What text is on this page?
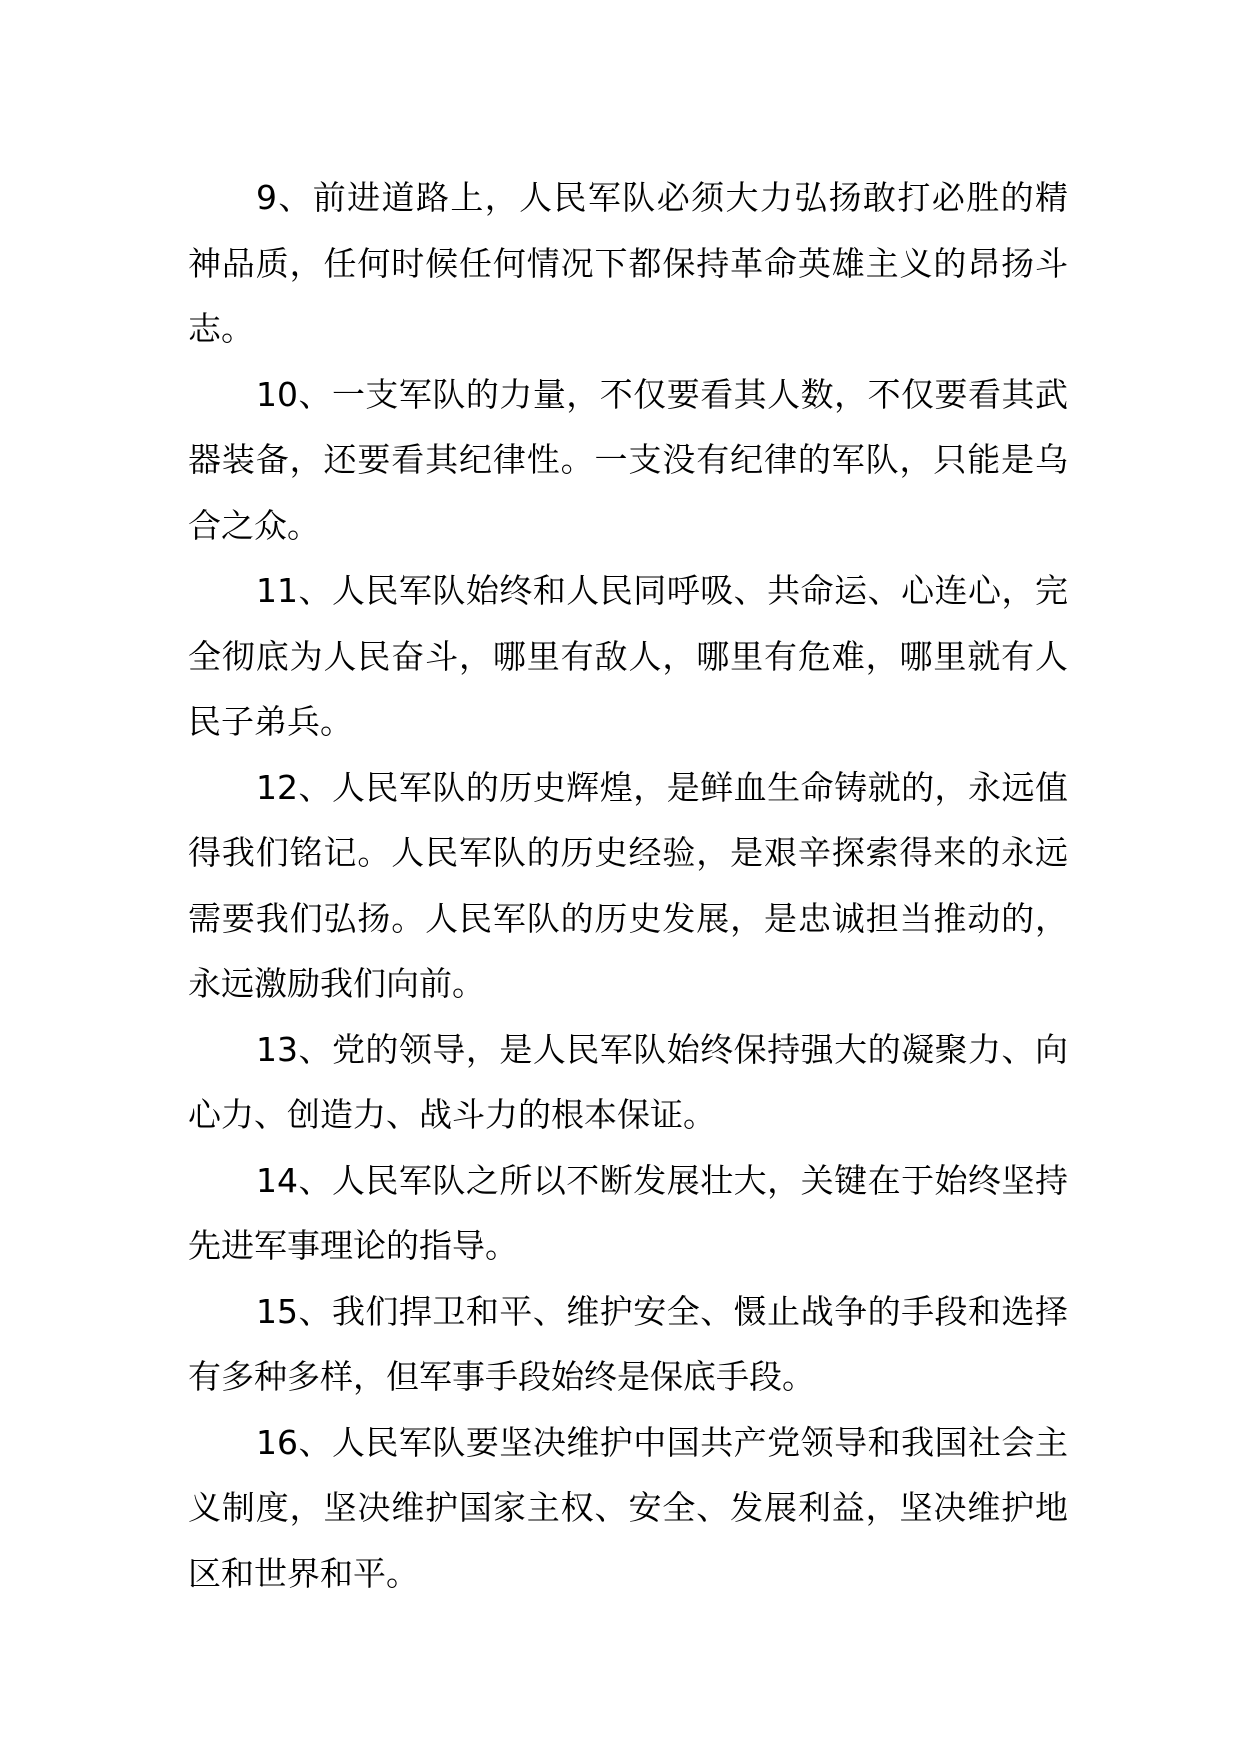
9、前进道路上，人民军队必须大力弘扬敢打必胜的精神品质，任何时候任何情况下都保持革命英雄主义的昂扬斗志。

10、一支军队的力量，不仅要看其人数，不仅要看其武器装备，还要看其纪律性。一支没有纪律的军队，只能是乌合之众。

11、人民军队始终和人民同呼吸、共命运、心连心，完全彻底为人民奋斗，哪里有敌人，哪里有危难，哪里就有人民子弟兵。

12、人民军队的历史辉煌，是鲜血生命铸就的，永远值得我们铭记。人民军队的历史经验，是艰辛探索得来的永远需要我们弘扬。人民军队的历史发展，是忠诚担当推动的，永远激励我们向前。

13、党的领导，是人民军队始终保持强大的凝聚力、向心力、创造力、战斗力的根本保证。

14、人民军队之所以不断发展壮大，关键在于始终坚持先进军事理论的指导。

15、我们捍卫和平、维护安全、慑止战争的手段和选择有多种多样，但军事手段始终是保底手段。

16、人民军队要坚决维护中国共产党领导和我国社会主义制度，坚决维护国家主权、安全、发展利益，坚决维护地区和世界和平。
